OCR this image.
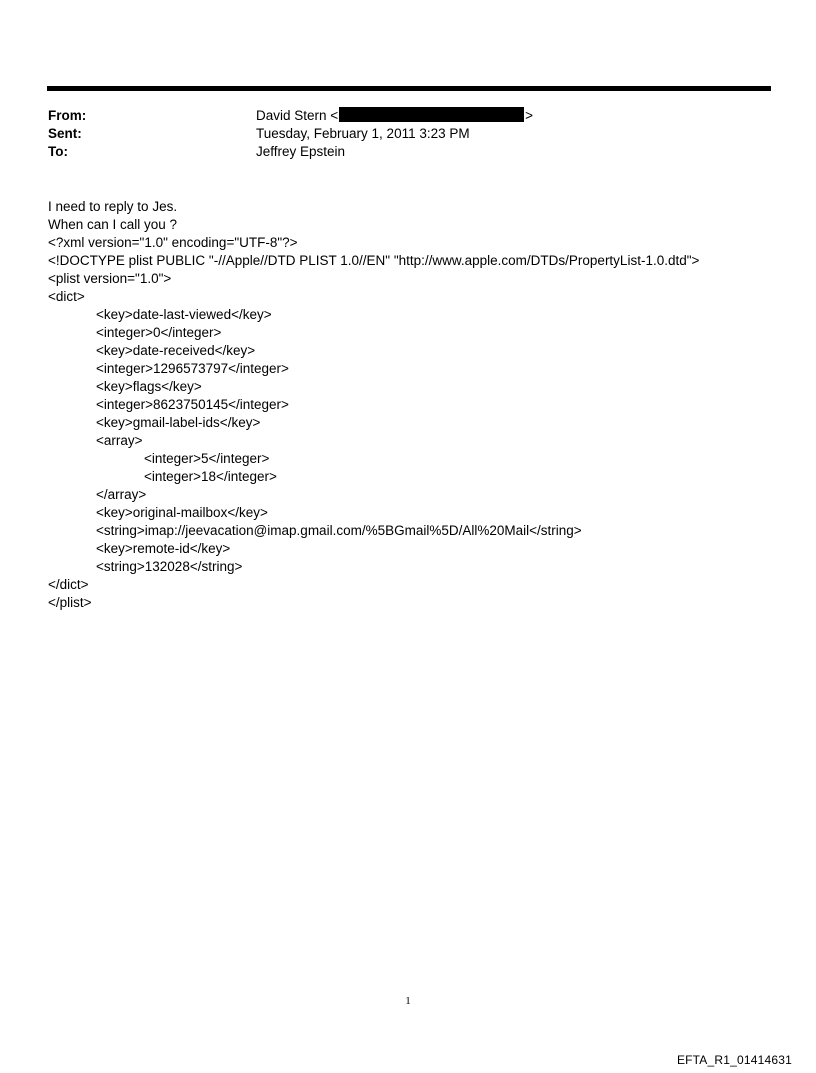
From:	David Stern <	>
Sent:	Tuesday, February 1, 2011 3:23 PM
To:	Jeffrey Epstein
I need to reply to Jes.
When can I call you ?
<?xml version="1.0" encoding="UTF-8"?>
<!DOCTYPE plist PUBLIC "-//Apple//DTD PLIST 1.0//EN" "http://www.apple.com/DTDs/PropertyList-1.0.dtd">
<plist version="1.0">
<dict>
<key>date-last-viewed</key>
<integer>0</integer>
<key>date-received</key>
<integer>1296573797</integer>
<key>flags</key>
<integer>8623750145</integer>
<key>gmail-label-ids</key>
<array>
<integer>5</integer>
<integer>18</integer>
</array>
<key>original-mailbox</key>
<string>imap://jeevacation@imap.gmail.com/%5BGmail%5D/All%20Mail</string>
<key>remote-id</key>
<string>132028</string>
</dict>
</plist>
1
EFTA_R1_01414631
